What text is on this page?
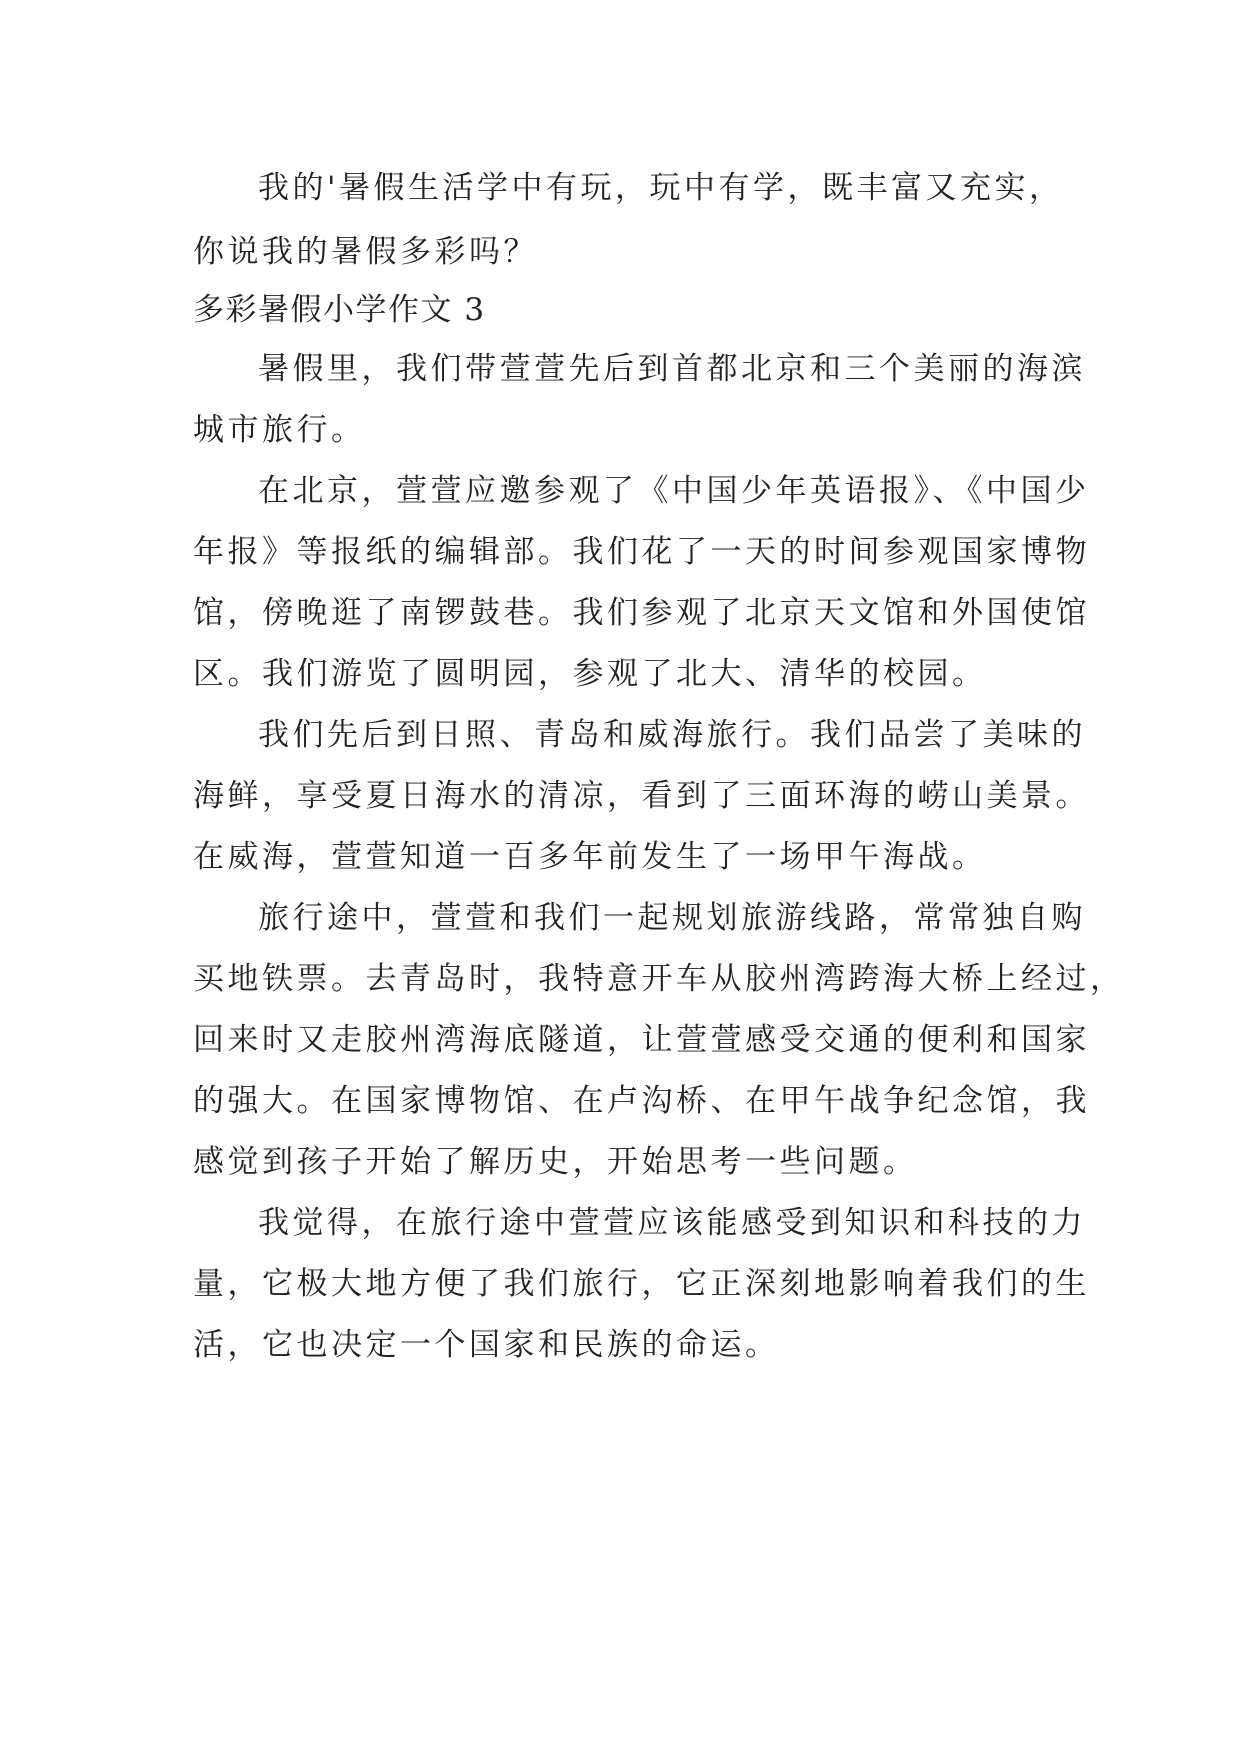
我的'暑假生活学中有玩，玩中有学，既丰富又充实，

你说我的暑假多彩吗？

多彩暑假小学作文 3

暑假里，我们带萱萱先后到首都北京和三个美丽的海滨

城市旅行。

在北京，萱萱应邀参观了《中国少年英语报》、《中国少

年报》等报纸的编辑部。我们花了一天的时间参观国家博物

馆，傍晚逛了南锣鼓巷。我们参观了北京天文馆和外国使馆

区。我们游览了圆明园，参观了北大、清华的校园。

我们先后到日照、青岛和威海旅行。我们品尝了美味的

海鲜，享受夏日海水的清凉，看到了三面环海的崂山美景。

在威海，萱萱知道一百多年前发生了一场甲午海战。

旅行途中，萱萱和我们一起规划旅游线路，常常独自购

买地铁票。去青岛时，我特意开车从胶州湾跨海大桥上经过，

回来时又走胶州湾海底隧道，让萱萱感受交通的便利和国家

的强大。在国家博物馆、在卢沟桥、在甲午战争纪念馆，我

感觉到孩子开始了解历史，开始思考一些问题。

我觉得，在旅行途中萱萱应该能感受到知识和科技的力

量，它极大地方便了我们旅行，它正深刻地影响着我们的生

活，它也决定一个国家和民族的命运。
